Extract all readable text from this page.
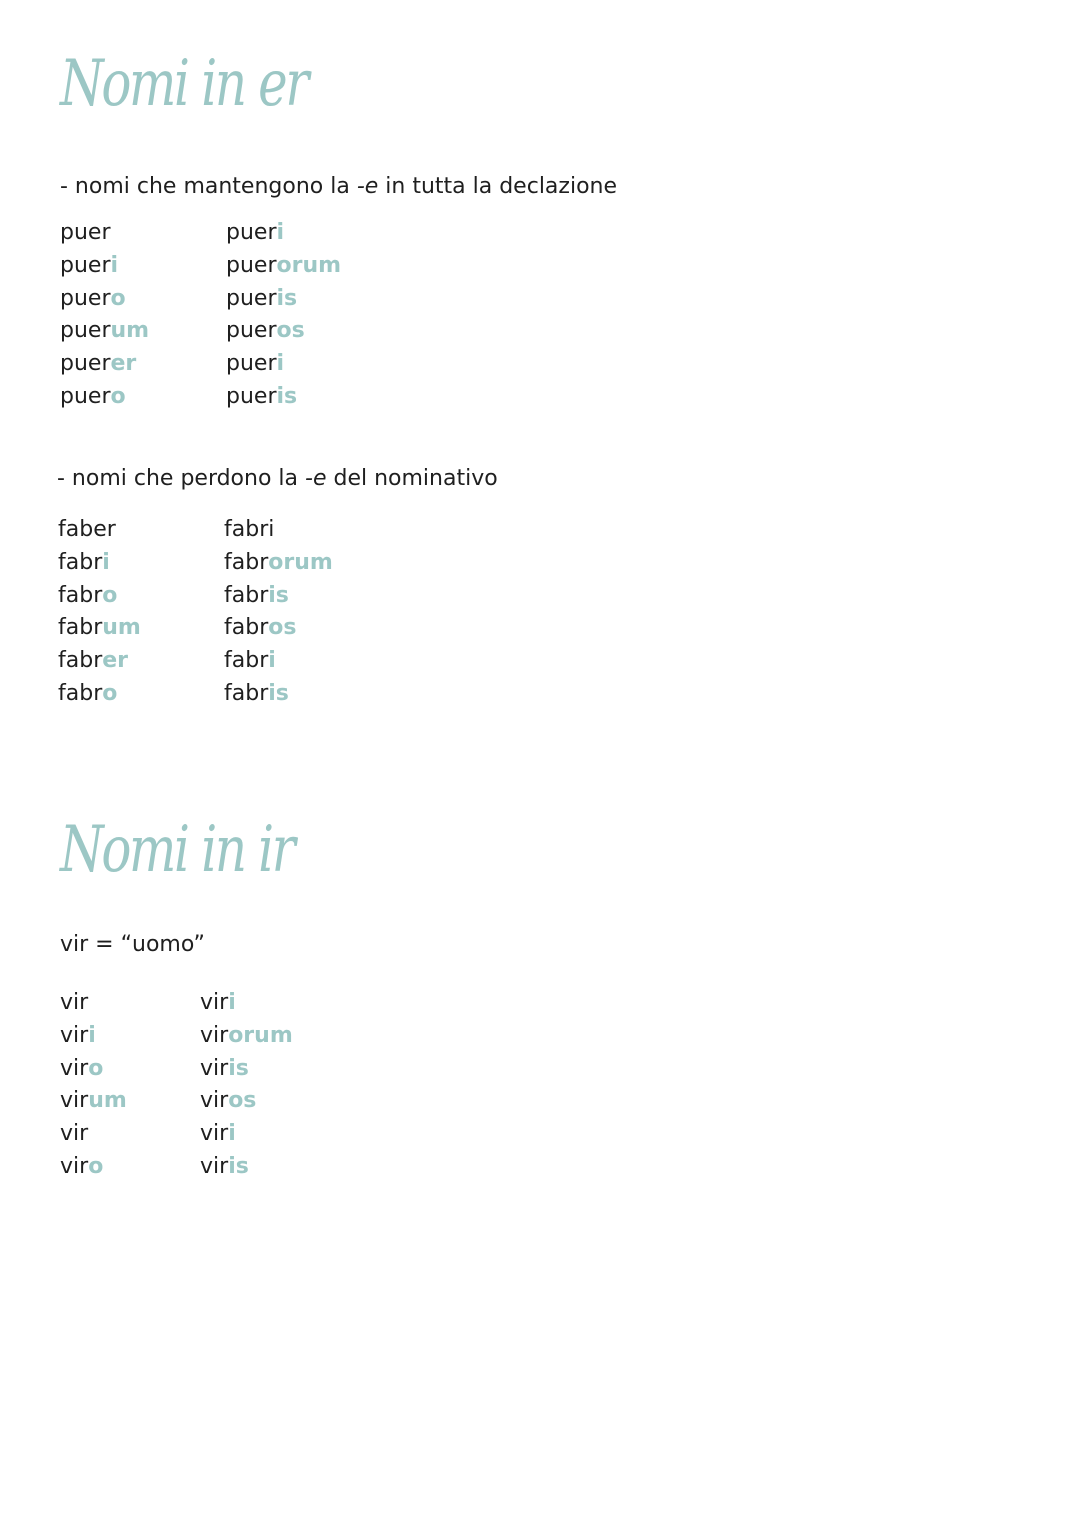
Nomi in er
- nomi che mantengono la -e in tutta la declazione
puer
pueri
puero
puerum
puerer
puero
pueri
puerorum
pueris
pueros
pueri
pueris
- nomi che perdono la -e del nominativo
faber
fabri
fabro
fabrum
fabrer
fabro
fabri
fabrorum
fabris
fabros
fabri
fabris
Nomi in ir
vir = “uomo”
vir
viri
viro
virum
vir
viro
viri
virorum
viris
viros
viri
viris
